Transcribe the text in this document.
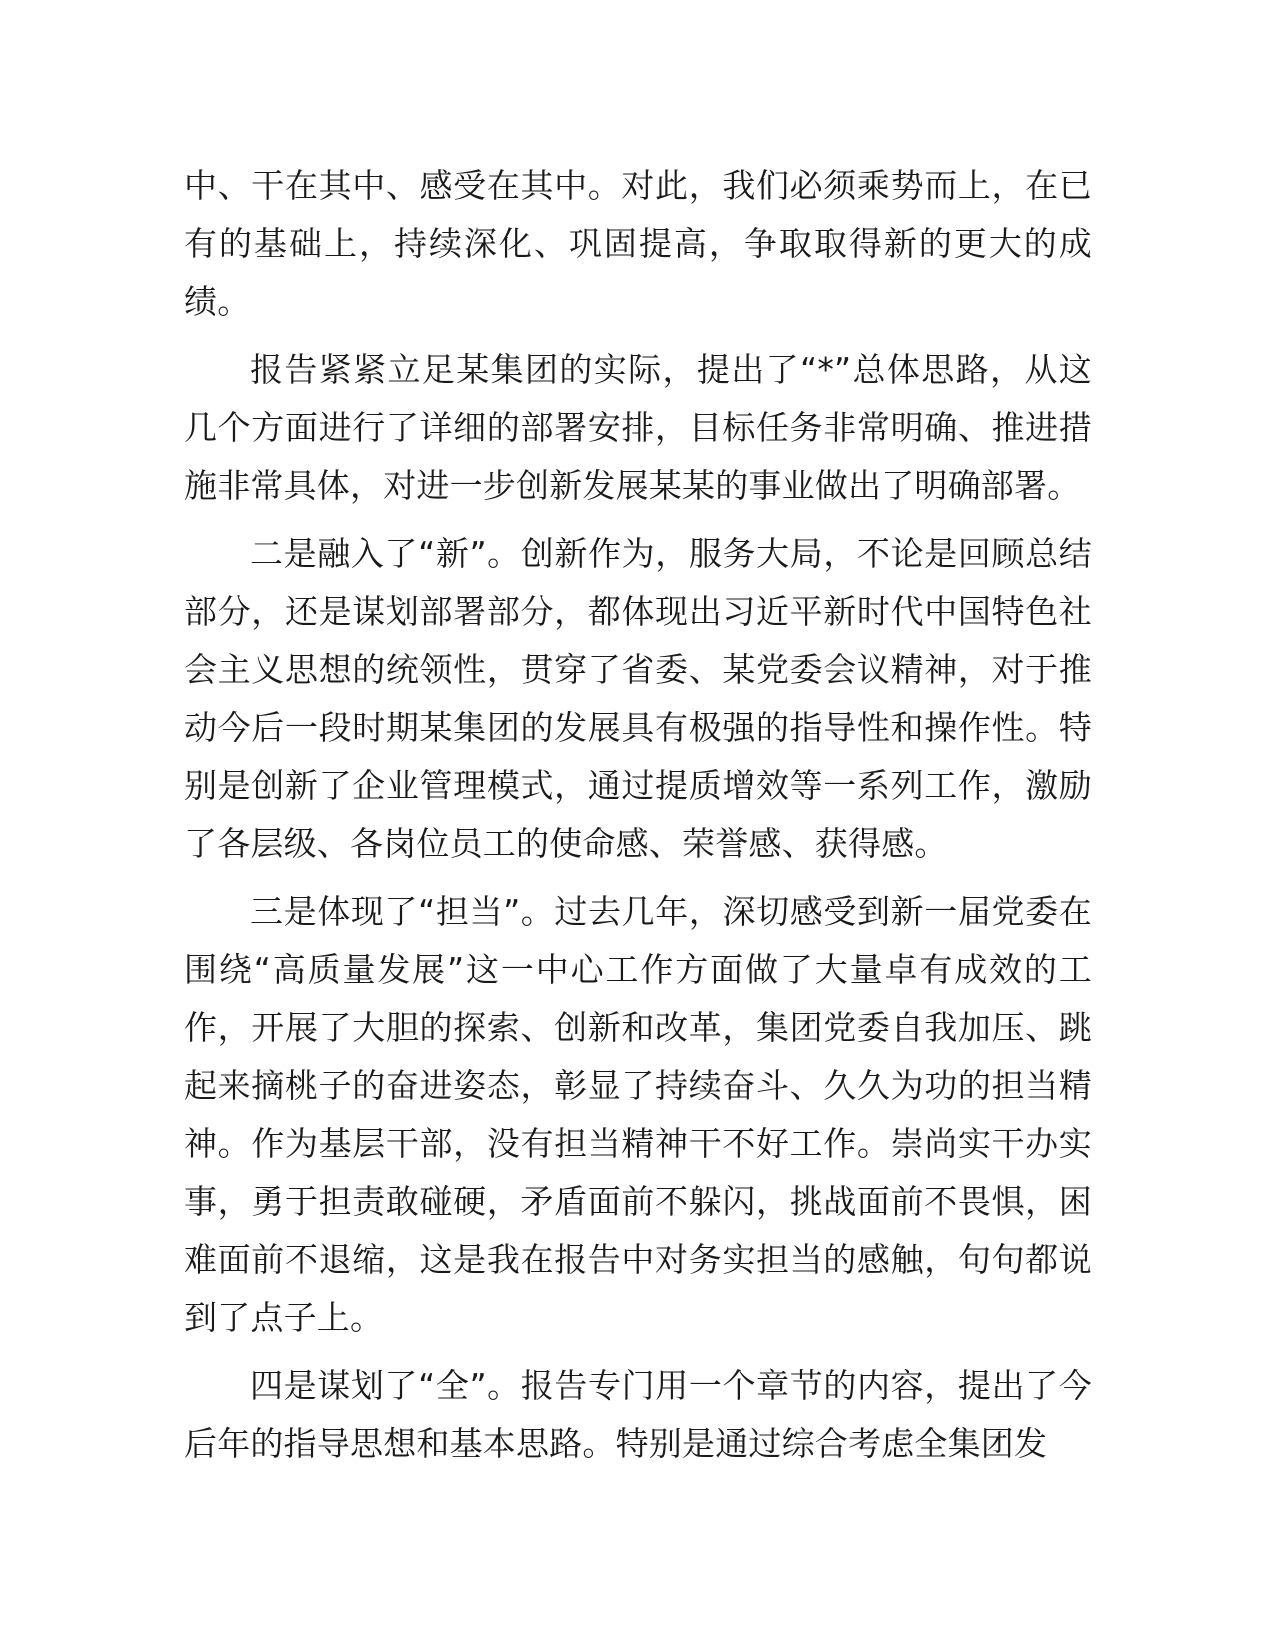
中、干在其中、感受在其中。对此，我们必须乘势而上，在已有的基础上，持续深化、巩固提高，争取取得新的更大的成绩。

报告紧紧立足某集团的实际，提出了“*”总体思路，从这几个方面进行了详细的部署安排，目标任务非常明确、推进措施非常具体，对进一步创新发展某某的事业做出了明确部署。

二是融入了“新”。创新作为，服务大局，不论是回顾总结部分，还是谋划部署部分，都体现出习近平新时代中国特色社会主义思想的统领性，贯穿了省委、某党委会议精神，对于推动今后一段时期某集团的发展具有极强的指导性和操作性。特别是创新了企业管理模式，通过提质增效等一系列工作，激励了各层级、各岗位员工的使命感、荣誉感、获得感。

三是体现了“担当”。过去几年，深切感受到新一届党委在围绕“高质量发展”这一中心工作方面做了大量卓有成效的工作，开展了大胆的探索、创新和改革，集团党委自我加压、跳起来摘桃子的奋进姿态，彰显了持续奋斗、久久为功的担当精神。作为基层干部，没有担当精神干不好工作。崇尚实干办实事，勇于担责敢碰硬，矛盾面前不躲闪，挑战面前不畏惧，困难面前不退缩，这是我在报告中对务实担当的感触，句句都说到了点子上。

四是谋划了“全”。报告专门用一个章节的内容，提出了今后年的指导思想和基本思路。特别是通过综合考虑全集团发
